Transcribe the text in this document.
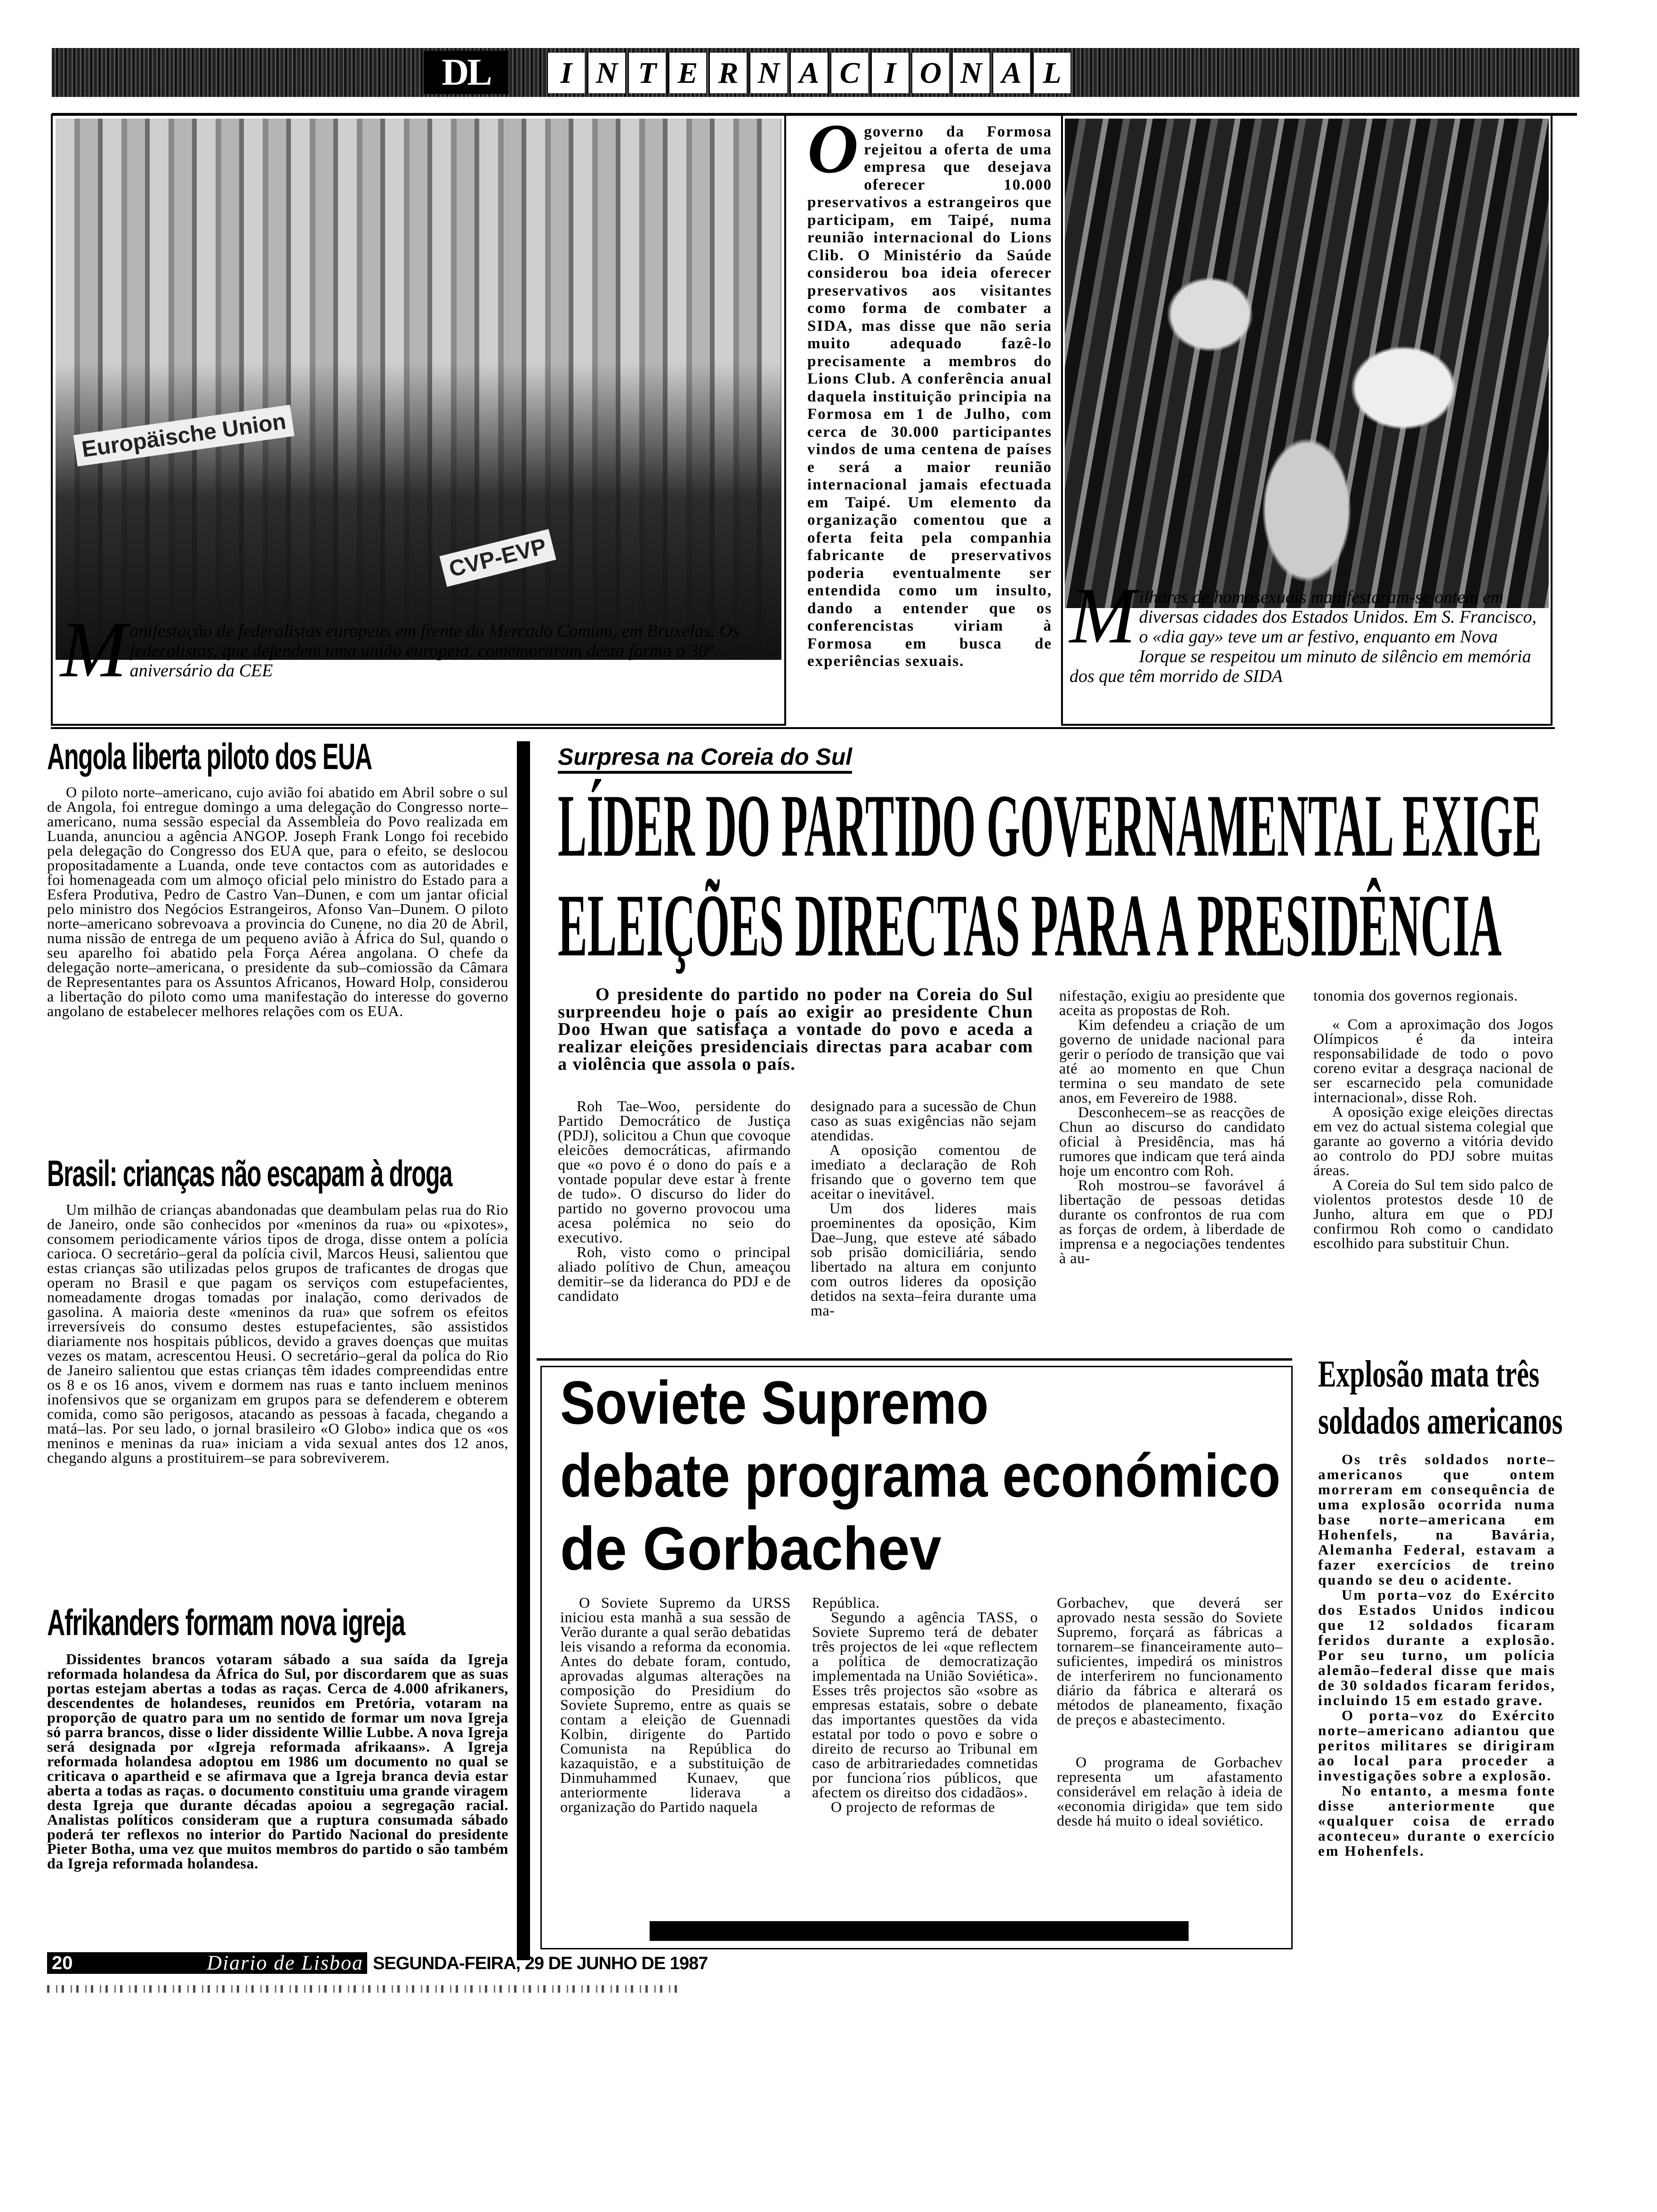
DL	I N T E R N A C I O N A L
Europäische Union
CVP-EVP
M anifestação de federalistas europeus em frente do Mercado Comum, em Bruxelas. Os federalistas, que defendem uma união europeia, comemoraram desta forma o 30º aniversário da CEE
O governo da Formosa rejeitou a oferta de uma empresa que desejava oferecer 10.000 preservativos a estrangeiros que participam, em Taipé, numa reunião internacional do Lions Clib. O Ministério da Saúde considerou boa ideia oferecer preservativos aos visitantes como forma de combater a SIDA, mas disse que não seria muito adequado fazê-lo precisamente a membros do Lions Club. A conferência anual daquela instituição principia na Formosa em 1 de Julho, com cerca de 30.000 participantes vindos de uma centena de países e será a maior reunião internacional jamais efectuada em Taipé. Um elemento da organização comentou que a oferta feita pela companhia fabricante de preservativos poderia eventualmente ser entendida como um insulto, dando a entender que os conferencistas viriam à Formosa em busca de experiências sexuais.
M ilhares de homosexuais manifestaram-se ontem em diversas cidades dos Estados Unidos. Em S. Francisco, o «dia gay» teve um ar festivo, enquanto em Nova Iorque se respeitou um minuto de silêncio em memória dos que têm morrido de SIDA
Angola liberta piloto dos EUA

O piloto norte–americano, cujo avião foi abatido em Abril sobre o sul de Angola, foi entregue domingo a uma delegação do Congresso norte–americano, numa sessão especial da Assembleia do Povo realizada em Luanda, anunciou a agência ANGOP. Joseph Frank Longo foi recebido pela delegação do Congresso dos EUA que, para o efeito, se deslocou propositadamente a Luanda, onde teve contactos com as autoridades e foi homenageada com um almoço oficial pelo ministro do Estado para a Esfera Produtiva, Pedro de Castro Van–Dunen, e com um jantar oficial pelo ministro dos Negócios Estrangeiros, Afonso Van–Dunem. O piloto norte–americano sobrevoava a provincia do Cunene, no dia 20 de Abril, numa nissão de entrega de um pequeno avião à África do Sul, quando o seu aparelho foi abatido pela Força Aérea angolana. O chefe da delegação norte–americana, o presidente da sub–comiossão da Câmara de Representantes para os Assuntos Africanos, Howard Holp, considerou a libertação do piloto como uma manifestação do interesse do governo angolano de estabelecer melhores relações com os EUA.

Brasil: crianças não escapam à droga

Um milhão de crianças abandonadas que deambulam pelas rua do Rio de Janeiro, onde são conhecidos por «meninos da rua» ou «pixotes», consomem periodicamente vários tipos de droga, disse ontem a polícia carioca. O secretário–geral da polícia civil, Marcos Heusi, salientou que estas crianças são utilizadas pelos grupos de traficantes de drogas que operam no Brasil e que pagam os serviços com estupefacientes, nomeadamente drogas tomadas por inalação, como derivados de gasolina. A maioria deste «meninos da rua» que sofrem os efeitos irreversíveis do consumo destes estupefacientes, são assistidos diariamente nos hospitais públicos, devido a graves doenças que muitas vezes os matam, acrescentou Heusi. O secretário–geral da políca do Rio de Janeiro salientou que estas crianças têm idades compreendidas entre os 8 e os 16 anos, vivem e dormem nas ruas e tanto incluem meninos inofensivos que se organizam em grupos para se defenderem e obterem comida, como são perigosos, atacando as pessoas à facada, chegando a matá–las. Por seu lado, o jornal brasileiro «O Globo» indica que os «os meninos e meninas da rua» iniciam a vida sexual antes dos 12 anos, chegando alguns a prostituirem–se para sobreviverem.

Afrikanders formam nova igreja

Dissidentes brancos votaram sábado a sua saída da Igreja reformada holandesa da África do Sul, por discordarem que as suas portas estejam abertas a todas as raças. Cerca de 4.000 afrikaners, descendentes de holandeses, reunidos em Pretória, votaram na proporção de quatro para um no sentido de formar um nova Igreja só parra brancos, disse o lider dissidente Willie Lubbe. A nova Igreja será designada por «Igreja reformada afrikaans». A Igreja reformada holandesa adoptou em 1986 um documento no qual se criticava o apartheid e se afirmava que a Igreja branca devia estar aberta a todas as raças. o documento constituiu uma grande viragem desta Igreja que durante décadas apoiou a segregação racial. Analistas políticos consideram que a ruptura consumada sábado poderá ter reflexos no interior do Partido Nacional do presidente Pieter Botha, uma vez que muitos membros do partido o são também da Igreja reformada holandesa.

Surpresa na Coreia do Sul
LÍDER DO PARTIDO GOVERNAMENTAL EXIGE
ELEIÇÕES DIRECTAS PARA A PRESIDÊNCIA

O presidente do partido no poder na Coreia do Sul surpreendeu hoje o país ao exigir ao presidente Chun Doo Hwan que satisfaça a vontade do povo e aceda a realizar eleições presidenciais directas para acabar com a violência que assola o país.

Roh Tae–Woo, persidente do Partido Democrático de Justiça (PDJ), solicitou a Chun que covoque eleicões democráticas, afirmando que «o povo é o dono do país e a vontade popular deve estar à frente de tudo». O discurso do lider do partido no governo provocou uma acesa polémica no seio do executivo.

Roh, visto como o principal aliado polítivo de Chun, ameaçou demitir–se da lideranca do PDJ e de candidato

designado para a sucessão de Chun caso as suas exigências não sejam atendidas.

A oposição comentou de imediato a declaração de Roh frisando que o governo tem que aceitar o inevitável.

Um dos lideres mais proeminentes da oposição, Kim Dae–Jung, que esteve até sábado sob prisão domiciliária, sendo libertado na altura em conjunto com outros lideres da oposição detidos na sexta–feira durante uma ma-

nifestação, exigiu ao presidente que aceita as propostas de Roh.

Kim defendeu a criação de um governo de unidade nacional para gerir o período de transição que vai até ao momento en que Chun termina o seu mandato de sete anos, em Fevereiro de 1988.

Desconhecem–se as reacções de Chun ao discurso do candidato oficial à Presidência, mas há rumores que indicam que terá ainda hoje um encontro com Roh.

Roh mostrou–se favorável á libertação de pessoas detidas durante os confrontos de rua com as forças de ordem, à liberdade de imprensa e a negociações tendentes à au-

tonomia dos governos regionais.

« Com a aproximação dos Jogos Olímpicos é da inteira responsabilidade de todo o povo coreno evitar a desgraça nacional de ser escarnecido pela comunidade internacional», disse Roh.

A oposição exige eleições directas em vez do actual sistema colegial que garante ao governo a vitória devido ao controlo do PDJ sobre muitas áreas.

A Coreia do Sul tem sido palco de violentos protestos desde 10 de Junho, altura em que o PDJ confirmou Roh como o candidato escolhido para substituir Chun.

Soviete Supremo
debate programa económico
de Gorbachev

O Soviete Supremo da URSS iniciou esta manhã a sua sessão de Verão durante a qual serão debatidas leis visando a reforma da economia. Antes do debate foram, contudo, aprovadas algumas alterações na composição do Presidium do Soviete Supremo, entre as quais se contam a eleição de Guennadi Kolbin, dirigente do Partido Comunista na República do kazaquistão, e a substituição de Dinmuhammed Kunaev, que anteriormente liderava a organização do Partido naquela

República.

Segundo a agência TASS, o Soviete Supremo terá de debater três projectos de lei «que reflectem a política de democratização implementada na União Soviética». Esses três projectos são «sobre as empresas estatais, sobre o debate das importantes questões da vida estatal por todo o povo e sobre o direito de recurso ao Tribunal em caso de arbitrariedades comnetidas por funciona´rios públicos, que afectem os direitso dos cidadãos».

O projecto de reformas de

Gorbachev, que deverá ser aprovado nesta sessão do Soviete Supremo, forçará as fábricas a tornarem–se financeiramente auto–suficientes, impedirá os ministros de interferirem no funcionamento diário da fábrica e alterará os métodos de planeamento, fixação de preços e abastecimento.

O programa de Gorbachev representa um afastamento considerável em relação à ideia de «economia dirigida» que tem sido desde há muito o ideal soviético.

Explosão mata três
soldados americanos

Os três soldados norte–americanos que ontem morreram em consequência de uma explosão ocorrida numa base norte–americana em Hohenfels, na Bavária, Alemanha Federal, estavam a fazer exercícios de treino quando se deu o acidente.

Um porta–voz do Exército dos Estados Unidos indicou que 12 soldados ficaram feridos durante a explosão. Por seu turno, um polícia alemão–federal disse que mais de 30 soldados ficaram feridos, incluindo 15 em estado grave.

O porta–voz do Exército norte–americano adiantou que peritos militares se dirigiram ao local para proceder a investigações sobre a explosão.

No entanto, a mesma fonte disse anteriormente que «qualquer coisa de errado aconteceu» durante o exercício em Hohenfels.

20	Diario de Lisboa SEGUNDA-FEIRA, 29 DE JUNHO DE 1987
